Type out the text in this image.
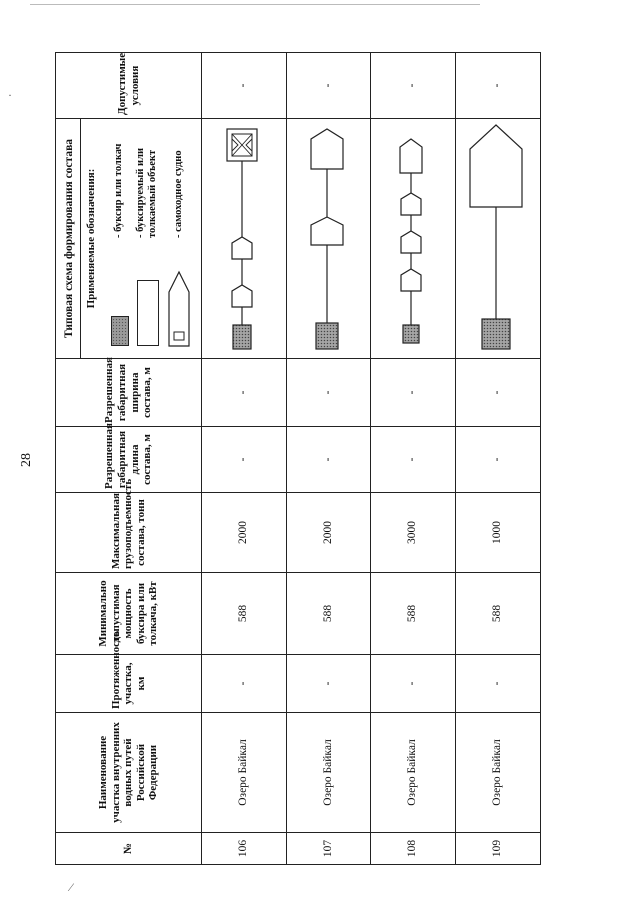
28
·
⁄
№	Наименование участка внутренних водных путей Российской Федерации	Протяженность участка, км	Минимально допустимая мощность буксира или толкача, кВт	Максимальная грузоподъемность состава, тонн	Разрешенная габаритная длина состава, м	Разрешенная габаритная ширина состава, м	Типовая схема формирования состава Применяемые обозначения: - буксир или толкач - буксируемый или толкаемый объект - самоходное судно	Допустимые условия
106	Озеро Байкал	-	588	2000	-	-		-
107	Озеро Байкал	-	588	2000	-	-		-
108	Озеро Байкал	-	588	3000	-	-		-
109	Озеро Байкал	-	588	1000	-	-		-
